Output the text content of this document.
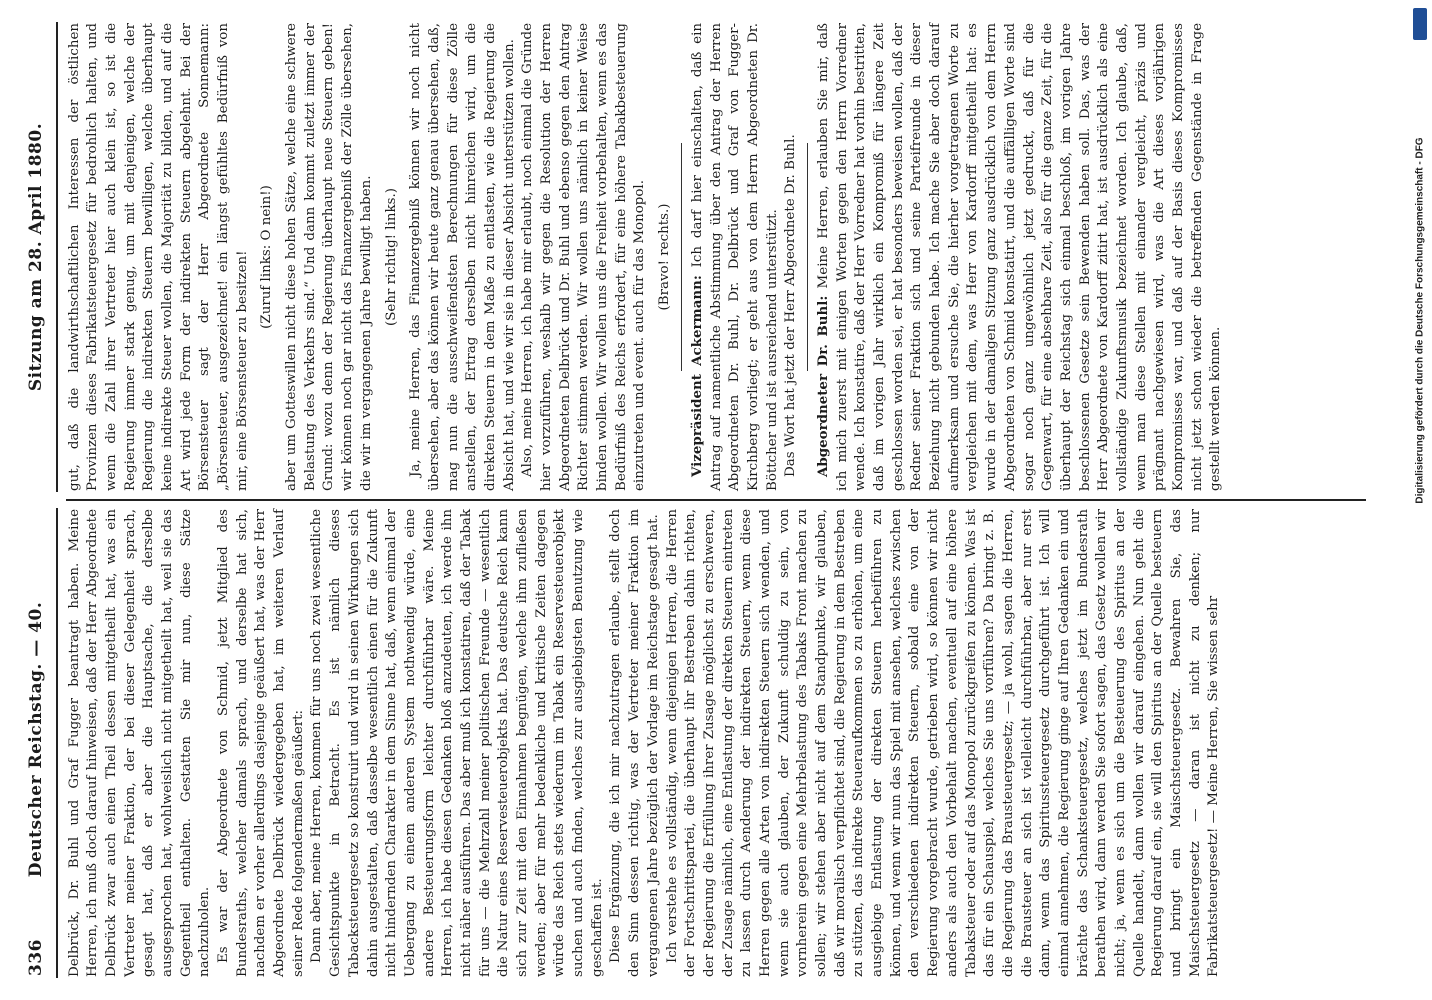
336
Deutscher Reichstag. — 40. Delbrück, Dr. Buhl und Graf Fugger beantragt haben. Meine Herren, ich muß doch darauf hinweisen, daß der Herr Abgeordnete Delbrück zwar auch einen Theil dessen mitgetheilt hat, was ein Vertreter meiner Fraktion, der bei dieser Gelegenheit sprach, gesagt hat, daß er aber die Hauptsache, die derselbe ausgesprochen hat, wohlweislich nicht mitgetheilt hat, weil sie das Gegentheil enthalten. Gestatten Sie mir nun, diese Sätze nachzuholen. Es war der Abgeordnete von Schmid, jetzt Mitglied des Bundesraths, welcher damals sprach, und derselbe hat sich, nachdem er vorher allerdings dasjenige geäußert hat, was der Herr Abgeordnete Delbrück wiedergegeben hat, im weiteren Verlauf seiner Rede folgendermaßen geäußert: Dann aber, meine Herren, kommen für uns noch zwei wesentliche Gesichtspunkte in Betracht. Es ist nämlich dieses Tabacksteuergesetz so konstruirt und wird in seinen Wirkungen sich dahin ausgestalten, daß dasselbe wesentlich einen für die Zukunft nicht hindernden Charakter in dem Sinne hat, daß, wenn einmal der Uebergang zu einem anderen System nothwendig würde, eine andere Besteuerungsform leichter durchführbar wäre. Meine Herren, ich habe diesen Gedanken bloß anzudeuten, ich werde ihn nicht näher ausführen. Das aber muß ich konstatiren, daß der Tabak für uns — die Mehrzahl meiner politischen Freunde — wesentlich die Natur eines Reservesteuerobjekts hat. Das deutsche Reich kann sich zur Zeit mit den Einnahmen begnügen, welche ihm zufließen werden; aber für mehr bedenkliche und kritische Zeiten dagegen würde das Reich stets wiederum im Tabak ein Reservesteuerobjekt suchen und auch finden, welches zur ausgiebigsten Benutzung wie geschaffen ist. Diese Ergänzung, die ich mir nachzutragen erlaube, stellt doch den Sinn dessen richtig, was der Vertreter meiner Fraktion im vergangenen Jahre bezüglich der Vorlage im Reichstage gesagt hat. Ich verstehe es vollständig, wenn diejenigen Herren, die Herren der Fortschrittspartei, die überhaupt ihr Bestreben dahin richten, der Regierung die Erfüllung ihrer Zusage möglichst zu erschweren, der Zusage nämlich, eine Entlastung der direkten Steuern eintreten zu lassen durch Aenderung der indirekten Steuern, wenn diese Herren gegen alle Arten von indirekten Steuern sich wenden, und wenn sie auch glauben, der Zukunft schuldig zu sein, von vornherein gegen eine Mehrbelastung des Tabaks Front machen zu sollen; wir stehen aber nicht auf dem Standpunkte, wir glauben, daß wir moralisch verpflichtet sind, die Regierung in dem Bestreben zu stützen, das indirekte Steueraufkommen so zu erhöhen, um eine ausgiebige Entlastung der direkten Steuern herbeiführen zu können, und wenn wir nun das Spiel mit ansehen, welches zwischen den verschiedenen indirekten Steuern, sobald eine von der Regierung vorgebracht wurde, getrieben wird, so können wir nicht anders als auch den Vorbehalt machen, eventuell auf eine höhere Tabaksteuer oder auf das Monopol zurückgreifen zu können. Was ist das für ein Schauspiel, welches Sie uns vorführen? Da bringt z. B. die Regierung das Brausteuergesetz; — ja wohl, sagen die Herren, die Brausteuer an sich ist vielleicht durchführbar, aber nur erst dann, wenn das Spiritussteuergesetz durchgeführt ist. Ich will einmal annehmen, die Regierung ginge auf Ihren Gedanken ein und brächte das Schanksteuergesetz, welches jetzt im Bundesrath berathen wird, dann werden Sie sofort sagen, das Gesetz wollen wir nicht; ja, wenn es sich um die Besteuerung des Spiritus an der Quelle handelt, dann wollen wir darauf eingehen. Nun geht die Regierung darauf ein, sie will den Spiritus an der Quelle besteuern und bringt ein Maischsteuergesetz. Bewahren Sie, das Maischsteuergesetz — daran ist nicht zu denken; nur Fabrikatsteuergesetz! — Meine Herren, Sie wissen sehr

Sitzung am 28. April 1880. gut, daß die landwirthschaftlichen Interessen der östlichen Provinzen dieses Fabrikatsteuergesetz für bedrohlich halten, und wenn die Zahl ihrer Vertreter hier auch klein ist, so ist die Regierung immer stark genug, um mit denjenigen, welche der Regierung die indirekten Steuern bewilligen, welche überhaupt keine indirekte Steuer wollen, die Majorität zu bilden, und auf die Art wird jede Form der indirekten Steuern abgelehnt. Bei der Börsensteuer sagt der Herr Abgeordnete Sonnemann: „Börsensteuer, ausgezeichnet! ein längst gefühltes Bedürfniß von mir, eine Börsensteuer zu besitzen! (Zuruf links: O nein!) aber um Gotteswillen nicht diese hohen Sätze, welche eine schwere Belastung des Verkehrs sind.“ Und dann kommt zuletzt immer der Grund: wozu denn der Regierung überhaupt neue Steuern geben! wir können noch gar nicht das Finanzergebniß der Zölle übersehen, die wir im vergangenen Jahre bewilligt haben. (Sehr richtig! links.) Ja, meine Herren, das Finanzergebniß können wir noch nicht übersehen, aber das können wir heute ganz genau übersehen, daß, mag nun die ausschweifendsten Berechnungen für diese Zölle anstellen, der Ertrag derselben nicht hinreichen wird, um die direkten Steuern in dem Maße zu entlasten, wie die Regierung die Absicht hat, und wie wir sie in dieser Absicht unterstützen wollen. Also, meine Herren, ich habe mir erlaubt, noch einmal die Gründe hier vorzuführen, weshalb wir gegen die Resolution der Herren Abgeordneten Delbrück und Dr. Buhl und ebenso gegen den Antrag Richter stimmen werden. Wir wollen uns nämlich in keiner Weise binden wollen. Wir wollen uns die Freiheit vorbehalten, wenn es das Bedürfniß des Reichs erfordert, für eine höhere Tabakbesteuerung einzutreten und event. auch für das Monopol. (Bravo! rechts.)

Vizepräsident Ackermann: Ich darf hier einschalten, daß ein Antrag auf namentliche Abstimmung über den Antrag der Herren Abgeordneten Dr. Buhl, Dr. Delbrück und Graf von Fugger-Kirchberg vorliegt; er geht aus von dem Herrn Abgeordneten Dr. Böttcher und ist ausreichend unterstützt. Das Wort hat jetzt der Herr Abgeordnete Dr. Buhl. Abgeordneter Dr. Buhl: Meine Herren, erlauben Sie mir, daß ich mich zuerst mit einigen Worten gegen den Herrn Vorredner wende. Ich konstatire, daß der Herr Vorredner hat vorhin bestritten, daß im vorigen Jahr wirklich ein Kompromiß für längere Zeit geschlossen worden sei, er hat besonders beweisen wollen, daß der Redner seiner Fraktion sich und seine Parteifreunde in dieser Beziehung nicht gebunden habe. Ich mache Sie aber doch darauf aufmerksam und ersuche Sie, die hierher vorgetragenen Worte zu vergleichen mit dem, was Herr von Kardorff mitgetheilt hat: es wurde in der damaligen Sitzung ganz ausdrücklich von dem Herrn Abgeordneten von Schmid konstatirt, und die auffälligen Worte sind sogar noch ganz ungewöhnlich jetzt gedruckt, daß für die Gegenwart, für eine absehbare Zeit, also für die ganze Zeit, für die überhaupt der Reichstag sich einmal beschloß, im vorigen Jahre beschlossenen Gesetze sein Bewenden haben soll. Das, was der Herr Abgeordnete von Kardorff zitirt hat, ist ausdrücklich als eine vollständige Zukunftsmusik bezeichnet worden. Ich glaube, daß, wenn man diese Stellen mit einander vergleicht, präzis und prägnant nachgewiesen wird, was die Art dieses vorjährigen Kompromisses war, und daß auf der Basis dieses Kompromisses nicht jetzt schon wieder die betreffenden Gegenstände in Frage gestellt werden können.	Digitalisierung gefördert durch die Deutsche Forschungsgemeinschaft - DFG
